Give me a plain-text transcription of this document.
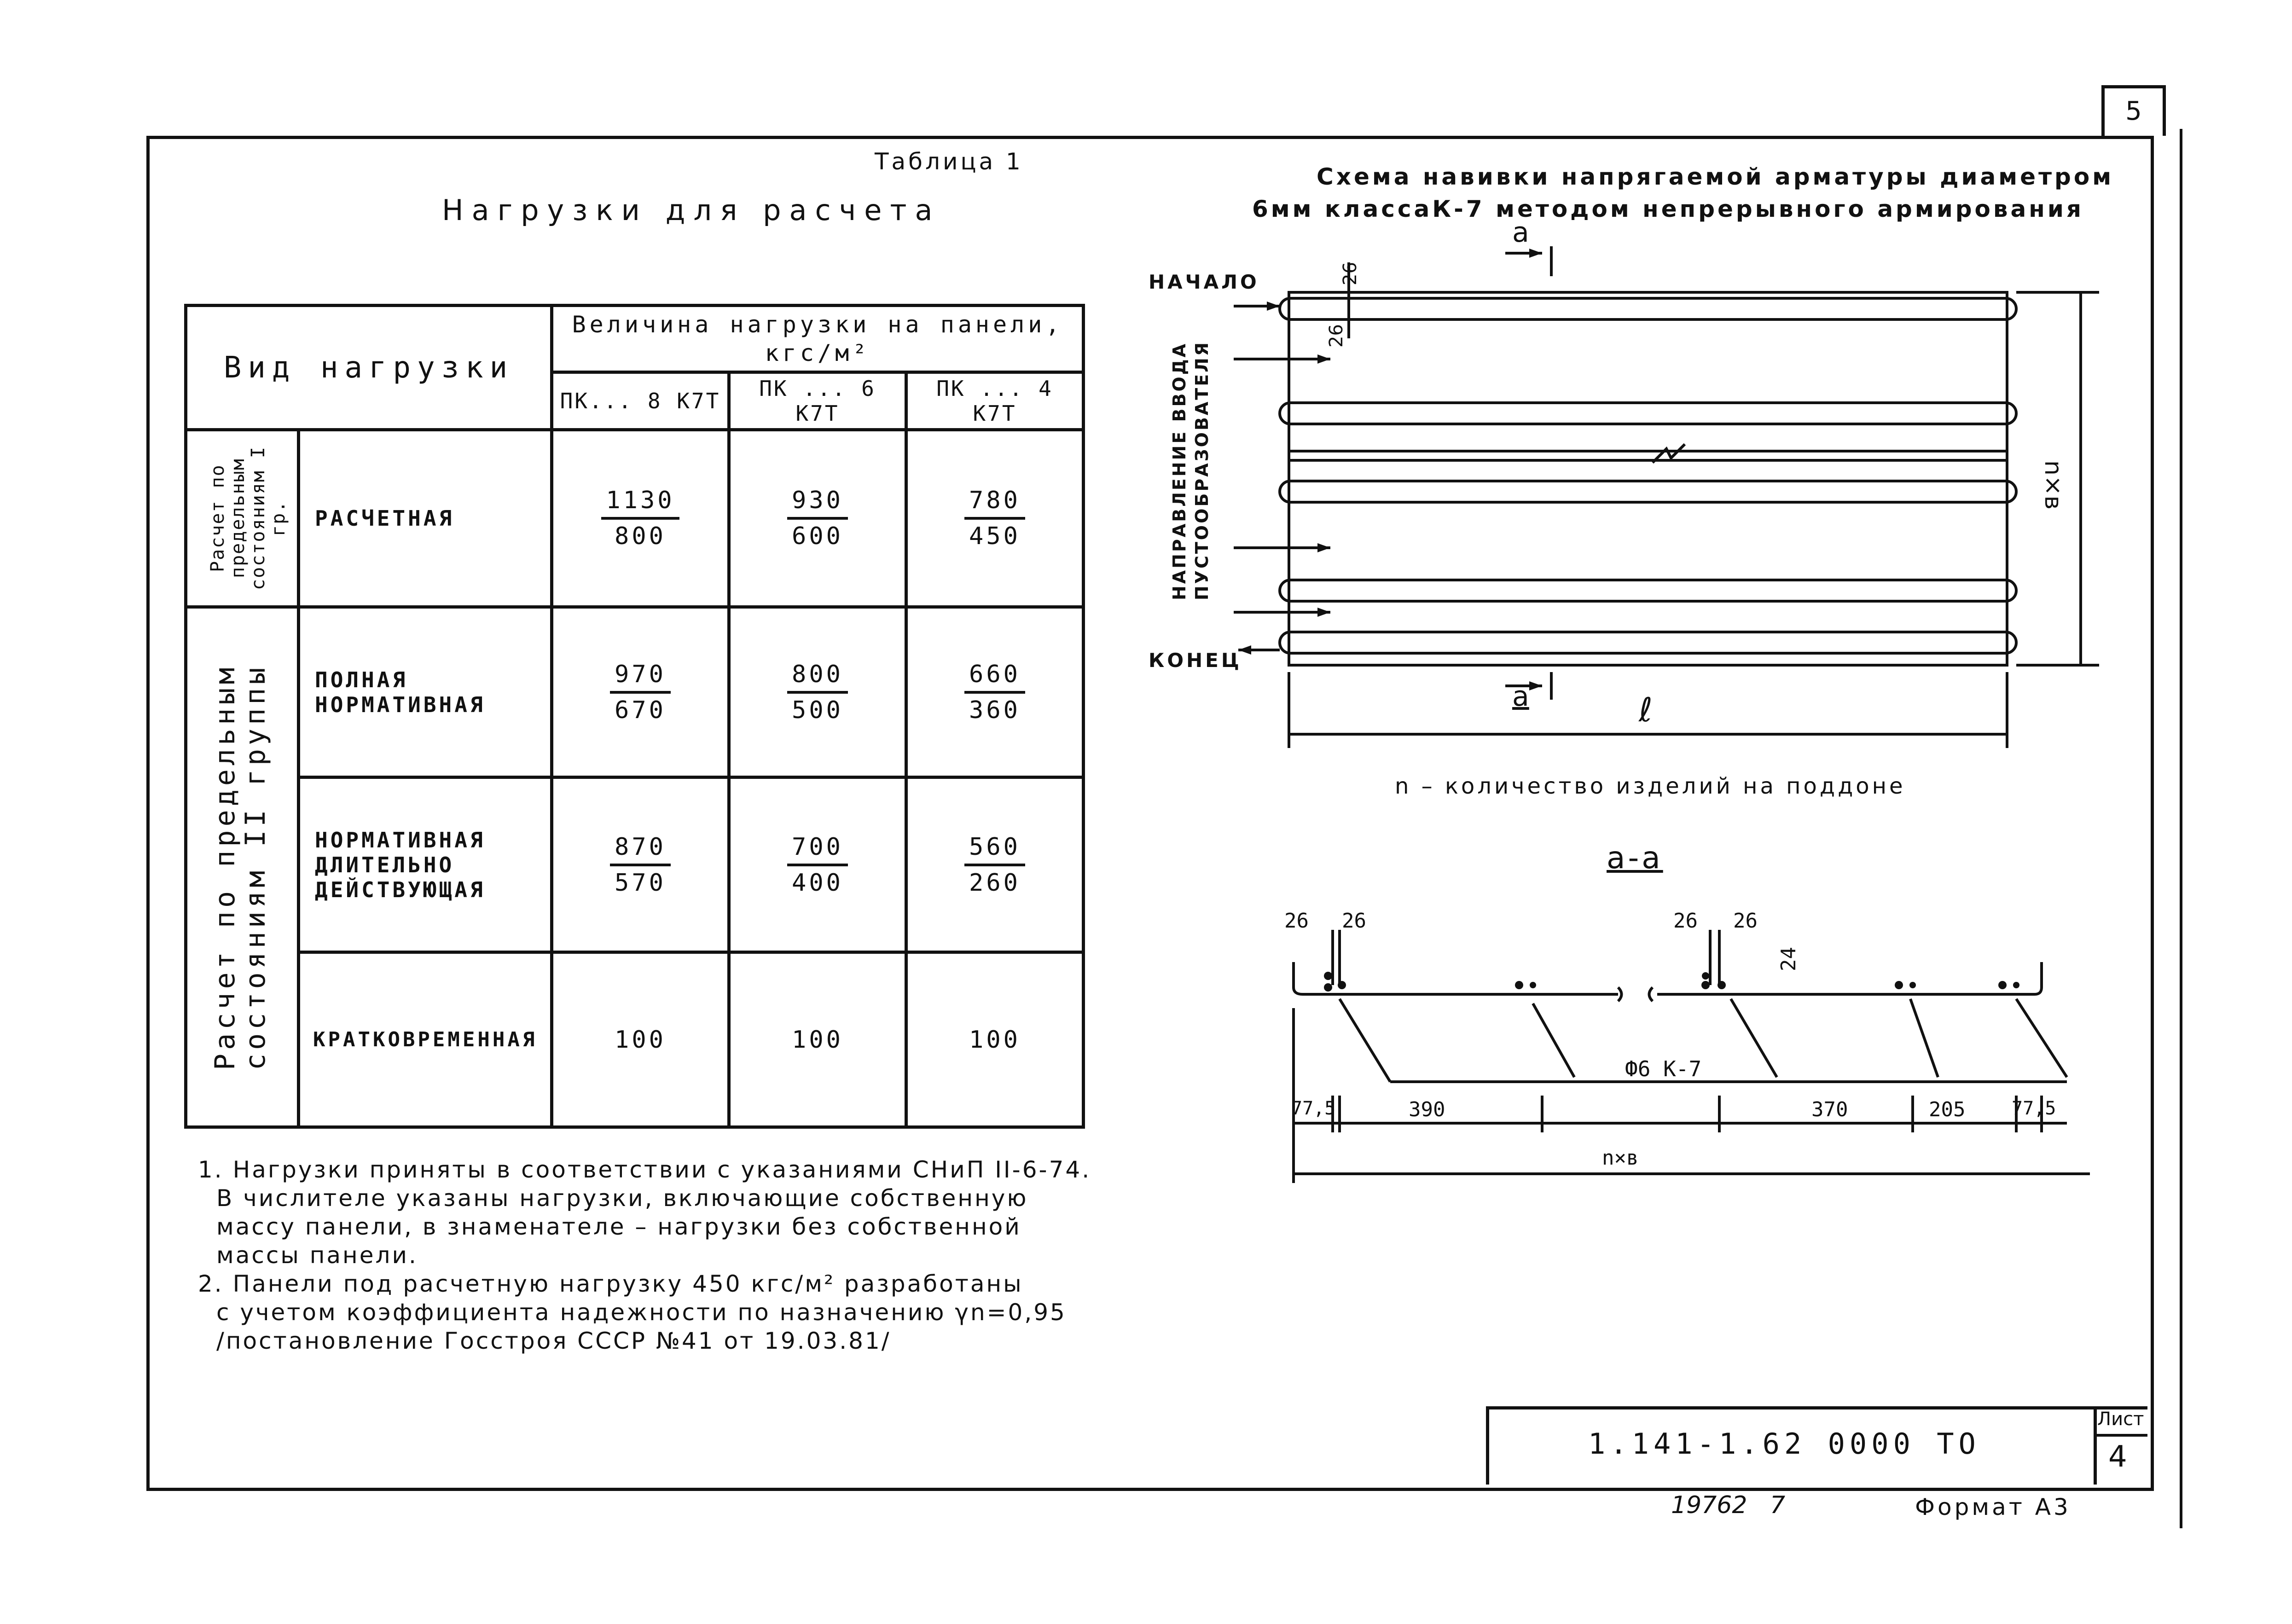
5
Таблица 1
Нагрузки для расчета
Вид нагрузки		Величина нагрузки на панели, кгс/м²		

		ПК... 8 К7Т	ПК ... 6 К7Т	ПК ... 4 К7Т

Расчет по предельным состояниям I гр.	РАСЧЕТНАЯ	$\frac{1130}{800}$	$\frac{930}{600}$	$\frac{780}{450}$

Расчет по предельным состояниям II группы	ПОЛНАЯ НОРМАТИВНАЯ	$\frac{970}{670}$	$\frac{800}{500}$	$\frac{660}{360}$

	НОРМАТИВНАЯ ДЛИТЕЛЬНО ДЕЙСТВУЮЩАЯ	$\frac{870}{570}$	$\frac{700}{400}$	$\frac{560}{260}$

	КРАТКОВРЕМЕННАЯ	100	100	100
1. Нагрузки приняты в соответствии с указаниями СНиП II-6-74.
В числителе указаны нагрузки, включающие собственную
массу панели, в знаменателе – нагрузки без собственной
массы панели.
2. Панели под расчетную нагрузку 450 кгс/м² разработаны
с учетом коэффициента надежности по назначению γn=0,95
/постановление Госстроя СССР №41 от 19.03.81/
Схема навивки напрягаемой арматуры диаметром
6мм классаК-7 методом непрерывного армирования
НАЧАЛО
КОНЕЦ
НАПРАВЛЕНИЕ ВВОДА ПУСТООБРАЗОВАТЕЛЯ
а
а	ℓ
n×в
26
26
n – количество изделий на поддоне
а-а
26 26	26 26
24
Ф6 К-7
77,5	390	370	205	77,5
n×в
1.141-1.62 0000 ТО
Лист
4
19762   7	Формат А3
